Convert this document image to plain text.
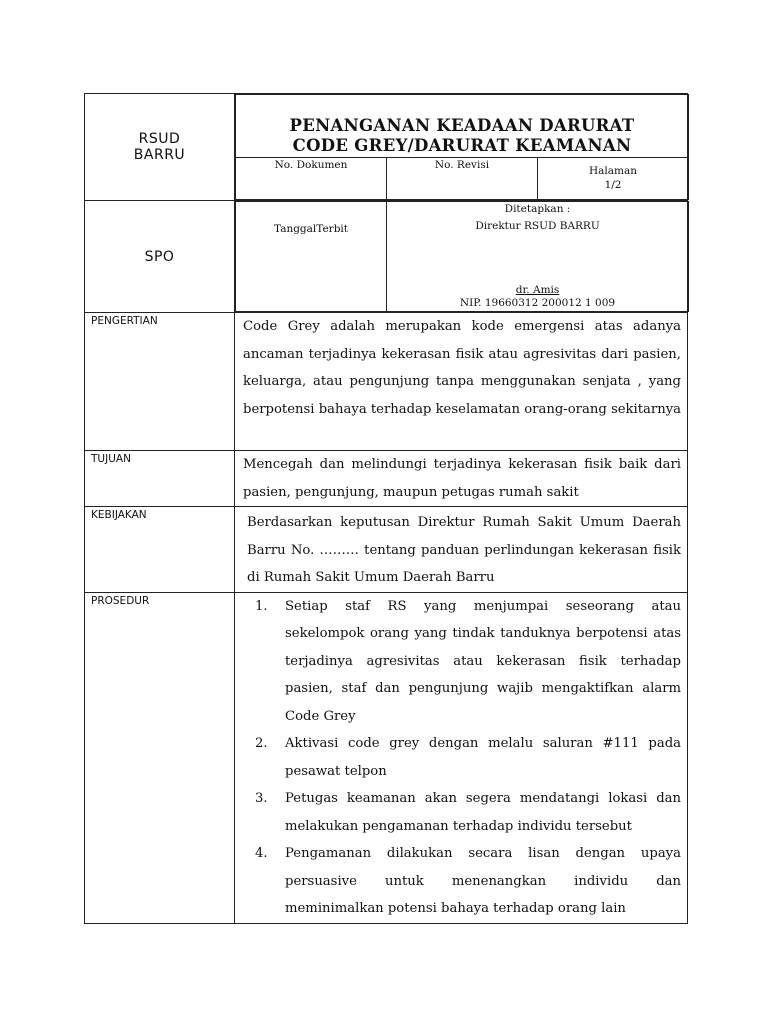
RSUD
BARRU

PENANGANAN KEADAAN DARURAT
CODE GREY/DARURAT KEAMANAN

No. Dokumen	No. Revisi	Halaman
1/2

SPO	
TanggalTerbit	
Ditetapkan :
Direktur RSUD BARRU
dr. Amis
NIP. 19660312 200012 1 009

PENGERTIAN	Code Grey adalah merupakan kode emergensi atas adanya ancaman terjadinya kekerasan fisik atau agresivitas dari pasien, keluarga, atau pengunjung tanpa menggunakan senjata , yang berpotensi bahaya terhadap keselamatan orang-orang sekitarnya
TUJUAN	Mencegah dan melindungi terjadinya kekerasan fisik baik dari pasien, pengunjung, maupun petugas rumah sakit
KEBIJAKAN	Berdasarkan keputusan Direktur Rumah Sakit Umum Daerah Barru No. ……… tentang panduan perlindungan kekerasan fisik di Rumah Sakit Umum Daerah Barru
PROSEDUR	1. Setiap staf RS yang menjumpai seseorang atau sekelompok orang yang tindak tanduknya berpotensi atas terjadinya agresivitas atau kekerasan fisik terhadap pasien, staf dan pengunjung wajib mengaktifkan alarm Code Grey
2. Aktivasi code grey dengan melalu saluran #111 pada pesawat telpon
3. Petugas keamanan akan segera mendatangi lokasi dan melakukan pengamanan terhadap individu tersebut
4. Pengamanan dilakukan secara lisan dengan upaya persuasive untuk menenangkan individu dan meminimalkan potensi bahaya terhadap orang lain
